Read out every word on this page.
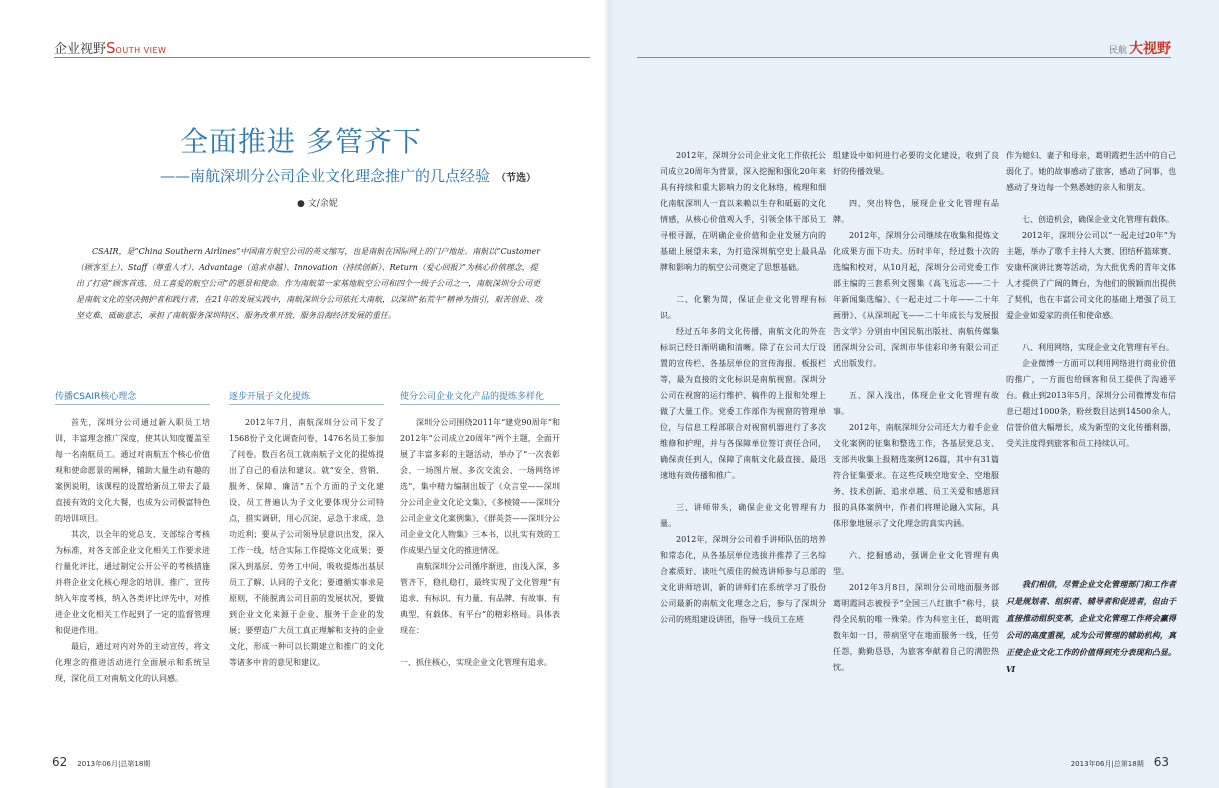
企业视野SOUTH VIEW
全面推进 多管齐下
——南航深圳分公司企业文化理念推广的几点经验 （节选）
● 文/余妮
CSAIR，是“China Southern Airlines”中国南方航空公司的英文缩写，也是南航在国际网上的门户地址。南航以“Customer（顾客至上）、Staff（尊重人才）、Advantage（追求卓越）、Innovation（持续创新）、Return（爱心回报）”为核心价值理念，提出了打造“顾客首选、员工喜爱的航空公司”的愿景和使命。作为南航第一家基地航空公司和四个一级子公司之一，南航深圳分公司更是南航文化的坚决拥护者和践行者，在21年的发展实践中，南航深圳分公司依托大南航，以深圳“拓荒牛”精神为指引，艰苦创业、攻坚克难、砥砺意志，承担了南航服务深圳特区、服务改革开放、服务沿海经济发展的重任。
传播CSAIR核心理念	逐步开展子文化提炼	使分公司企业文化产品的提炼多样化

首先，深圳分公司通过新入职员工培训，丰富理念推广深度，使其认知度覆盖至每一名南航员工。通过对南航五个核心价值观和使命愿景的阐释，辅助大量生动有趣的案例说明，该课程的设置给新员工带去了最直接有效的文化大餐，也成为公司极富特色的培训项目。

其次，以全年的党总支、支部综合考核为标准，对各支部企业文化相关工作要求进行量化评比，通过制定公开公平的考核措施并将企业文化核心理念的培训、推广、宣传纳入年度考核，纳入各类评比评先中，对推进企业文化相关工作起到了一定的监督管理和促进作用。

最后，通过对内对外的主动宣传，将文化理念的推进活动进行全面展示和系统呈现，深化员工对南航文化的认同感。

2012年7月，南航深圳分公司下发了1568份子文化调查问卷，1476名员工参加了问卷。数百名员工就南航子文化的提炼提出了自己的看法和建议。就“安全、营销、服务、保障、廉洁”五个方面的子文化建设，员工普遍认为子文化要体现分公司特点，措实调研，用心沉淀，忌急于求成、急功近利；要从子公司领导层意识出发，深入工作一线，结合实际工作提炼文化成果；要深入到基层、劳务工中间，吸收提炼出基层员工了解、认同的子文化；要遵循实事求是原则，不能脱离公司目前的发展状况，要做到企业文化来源于企业、服务于企业的发展；要塑造广大员工真正理解和支持的企业文化，形成一种可以长期建立和推广的文化等诸多中肯的意见和建议。

深圳分公司围绕2011年“建党90周年”和2012年“公司成立20周年”两个主题，全面开展了丰富多彩的主题活动，举办了“一次表彰会、一场图片展、多次交流会、一场网络评选”，集中精力编制出版了《众言堂——深圳分公司企业文化论文集》、《多棱镜——深圳分公司企业文化案例集》、《群英荟——深圳分公司企业文化人物集》三本书，以扎实有效的工作成果凸显文化的推进情况。

南航深圳分公司循序渐进，由浅入深，多管齐下，稳扎稳打，最终实现了文化管理“有追求、有标识、有力量、有品牌、有故事、有典型、有载体、有平台”的精彩格局。具体表现在：

一、抓住核心，实现企业文化管理有追求。

62 2013年06月|总第18期
民航 大视野

2012年，深圳分公司企业文化工作依托公司成立20周年为背景，深入挖掘和强化20年来具有持续和重大影响力的文化脉络，梳理和细化南航深圳人一直以来赖以生存和砥砺的文化情感，从核心价值观入手，引领全体干部员工寻根寻源，在明确企业价值和企业发展方向的基础上展望未来，为打造深圳航空史上最具品牌和影响力的航空公司奠定了思想基础。

二、化繁为简，保证企业文化管理有标识。

经过五年多的文化传播，南航文化的外在标识已经日渐明确和清晰。除了在公司大厅设置的宣传栏、各基层单位的宣传海报、板报栏等，最为直接的文化标识是南航视窗。深圳分公司在视窗的运行维护、稿件的上报和处理上做了大量工作。党委工作部作为视窗的管理单位，与信息工程部联合对视窗机器进行了多次维修和护理，并与各保障单位签订责任合同，确保责任到人，保障了南航文化最直接、最迅速地有效传播和推广。

三、讲师带头，确保企业文化管理有力量。

2012年，深圳分公司着手讲师队伍的培养和常态化，从各基层单位选拔并推荐了三名综合素质好、谈吐气质佳的候选讲师参与总部的文化讲师培训，新的讲师们在系统学习了股份公司最新的南航文化理念之后，参与了深圳分公司的班组建设讲团，指导一线员工在班

组建设中如何进行必要的文化建设，收到了良好的传播效果。

四、突出特色，展现企业文化管理有品牌。

2012年，深圳分公司继续在收集和提炼文化成果方面下功夫。历时半年，经过数十次的选编和校对，从10月起，深圳分公司党委工作部主编的三套系列文图集《高飞远志——二十年新闻集选编》、《一起走过二十年——二十年画册》、《从深圳起飞——二十年成长与发展报告文学》分别由中国民航出版社、南航传媒集团深圳分公司、深圳市华佳彩印务有限公司正式出版发行。

五、深入浅出，体现企业文化管理有故事。

2012年，南航深圳分公司还大力着手企业文化案例的征集和整选工作，各基层党总支、支部共收集上报精选案例126篇，其中有31篇符合征集要求。在这些反映空地安全、空地服务、技术创新、追求卓越、员工关爱和感恩回报的具体案例中，作者们将理论融入实际，具体形象地展示了文化理念的真实内涵。

六、挖掘感动，强调企业文化管理有典型。

2012年3月8日，深圳分公司地面服务部葛明霞同志被授予“全国三八红旗手”称号，获得全民航的唯一殊荣。作为科室主任，葛明霞数年如一日，带病坚守在地面服务一线，任劳任怨，勤勤恳恳，为旅客奉献着自己的满腔热忱。

作为媳妇、妻子和母亲，葛明霞把生活中的自己弱化了。她的故事感动了旅客，感动了同事，也感动了身边每一个熟悉她的亲人和朋友。

七、创造机会，确保企业文化管理有载体。

2012年，深圳分公司以“一起走过20年”为主题，举办了歌手主持人大赛、团结杯篮球赛、安康杯演讲比赛等活动，为大批优秀的青年文体人才提供了广阔的舞台，为他们的脱颖而出提供了契机，也在丰富公司文化的基础上增强了员工爱企业如爱家的责任和使命感。

八、利用网络，实现企业文化管理有平台。

企业微博一方面可以利用网络进行商业价值的推广，一方面也给顾客和员工提供了沟通平台。截止到2013年5月，深圳分公司微博发布信息已超过1000条，粉丝数目达到14500余人，信誉价值大幅增长，成为新型的文化传播利器，受关注度得到旅客和员工持续认可。

我们相信，尽管企业文化管理部门和工作者只是规划者、组织者、辅导者和促进者，但由于直接推动组织变革，企业文化管理工作将会赢得公司的高度重视，成为公司管理的辅助机构，真正使企业文化工作的价值得到充分表现和凸显。Ⅵ
2013年06月|总第18期 63
